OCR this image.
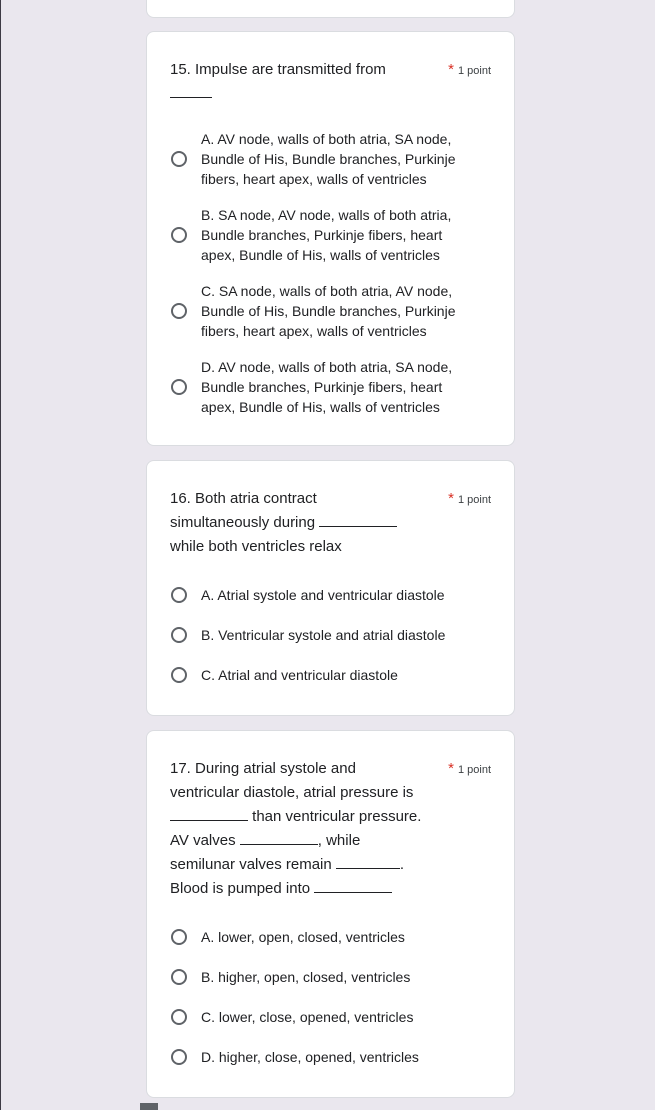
15. Impulse are transmitted from	* 1 point
A. AV node, walls of both atria, SA node, Bundle of His, Bundle branches, Purkinje fibers, heart apex, walls of ventricles
B. SA node, AV node, walls of both atria, Bundle branches, Purkinje fibers, heart apex, Bundle of His, walls of ventricles
C. SA node, walls of both atria, AV node, Bundle of His, Bundle branches, Purkinje fibers, heart apex, walls of ventricles
D. AV node, walls of both atria, SA node, Bundle branches, Purkinje fibers, heart apex, Bundle of His, walls of ventricles
16. Both atria contract
simultaneously during
while both ventricles relax
* 1 point
A. Atrial systole and ventricular diastole
B. Ventricular systole and atrial diastole
C. Atrial and ventricular diastole
17. During atrial systole and
ventricular diastole, atrial pressure is
than ventricular pressure.
AV valves	, while
semilunar valves remain	.
Blood is pumped into
* 1 point
A. lower, open, closed, ventricles
B. higher, open, closed, ventricles
C. lower, close, opened, ventricles
D. higher, close, opened, ventricles
